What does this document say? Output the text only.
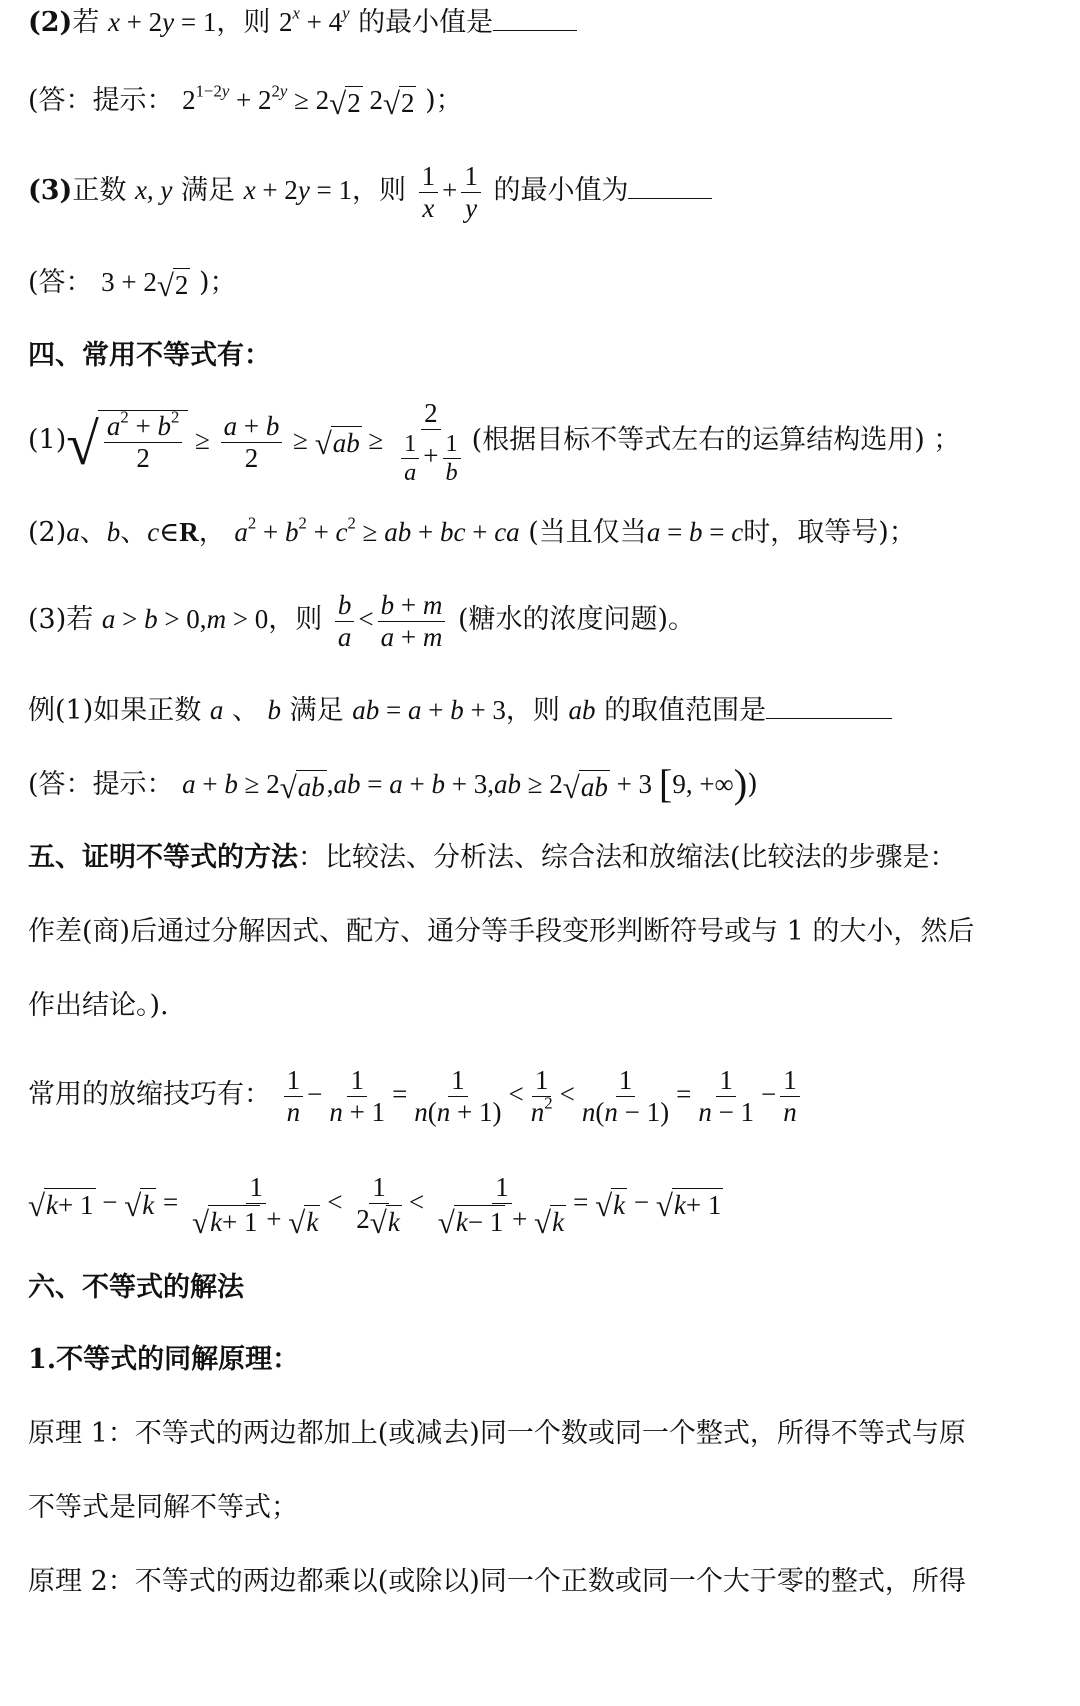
(2)若 x + 2y = 1，则 $2^x + 4^y$ 的最小值是
(答：提示： $2^{1-2y} + 2^{2y} \ge 2$ √ 2 2 √ 2 )；
(3)正数 x, y 满足 x + 2y = 1，则 $\frac{1}{x} + \frac{1}{y}$ 的最小值为
(答： 3 + 2 √ 2 )；
四、常用不等式有：
(1) √ $\frac{a^2 + b^2}{2} \ge \frac{a + b}{2}$ ≥ √ ab ≥ $\frac{2}{\frac{1}{a} + \frac{1}{b}}$ (根据目标不等式左右的运算结构选用) ；
(2)a、b、c∈R， $a^2 + b^2 + c^2$ ≥ ab + bc + ca (当且仅当a = b = c时，取等号)；
(3)若 a > b > 0,m > 0，则 $\frac{b}{a} < \frac{b + m}{a + m}$ (糖水的浓度问题)。
例(1)如果正数 a 、 b 满足 ab = a + b + 3，则 ab 的取值范围是
(答：提示： a + b ≥ 2 √ ab ,ab = a + b + 3,ab ≥ 2 √ ab + 3 [9, +∞))
五、证明不等式的方法：比较法、分析法、综合法和放缩法(比较法的步骤是：
作差(商)后通过分解因式、配方、通分等手段变形判断符号或与 1 的大小，然后
作出结论。).
常用的放缩技巧有： $\frac{1}{n} - \frac{1}{n + 1} = \frac{1}{n(n + 1)} < \frac{1}{n^2} < \frac{1}{n(n - 1)} = \frac{1}{n - 1} - \frac{1}{n}$
√ k + 1 − √ $k = \frac{1}{√ k + 1 + √ k} < \frac{1}{2 √ k} < \frac{1}{√ k - 1 + √ k}$ = √ k − √ k + 1
六、不等式的解法
1.不等式的同解原理：
原理 1：不等式的两边都加上(或减去)同一个数或同一个整式，所得不等式与原
不等式是同解不等式；
原理 2：不等式的两边都乘以(或除以)同一个正数或同一个大于零的整式，所得
